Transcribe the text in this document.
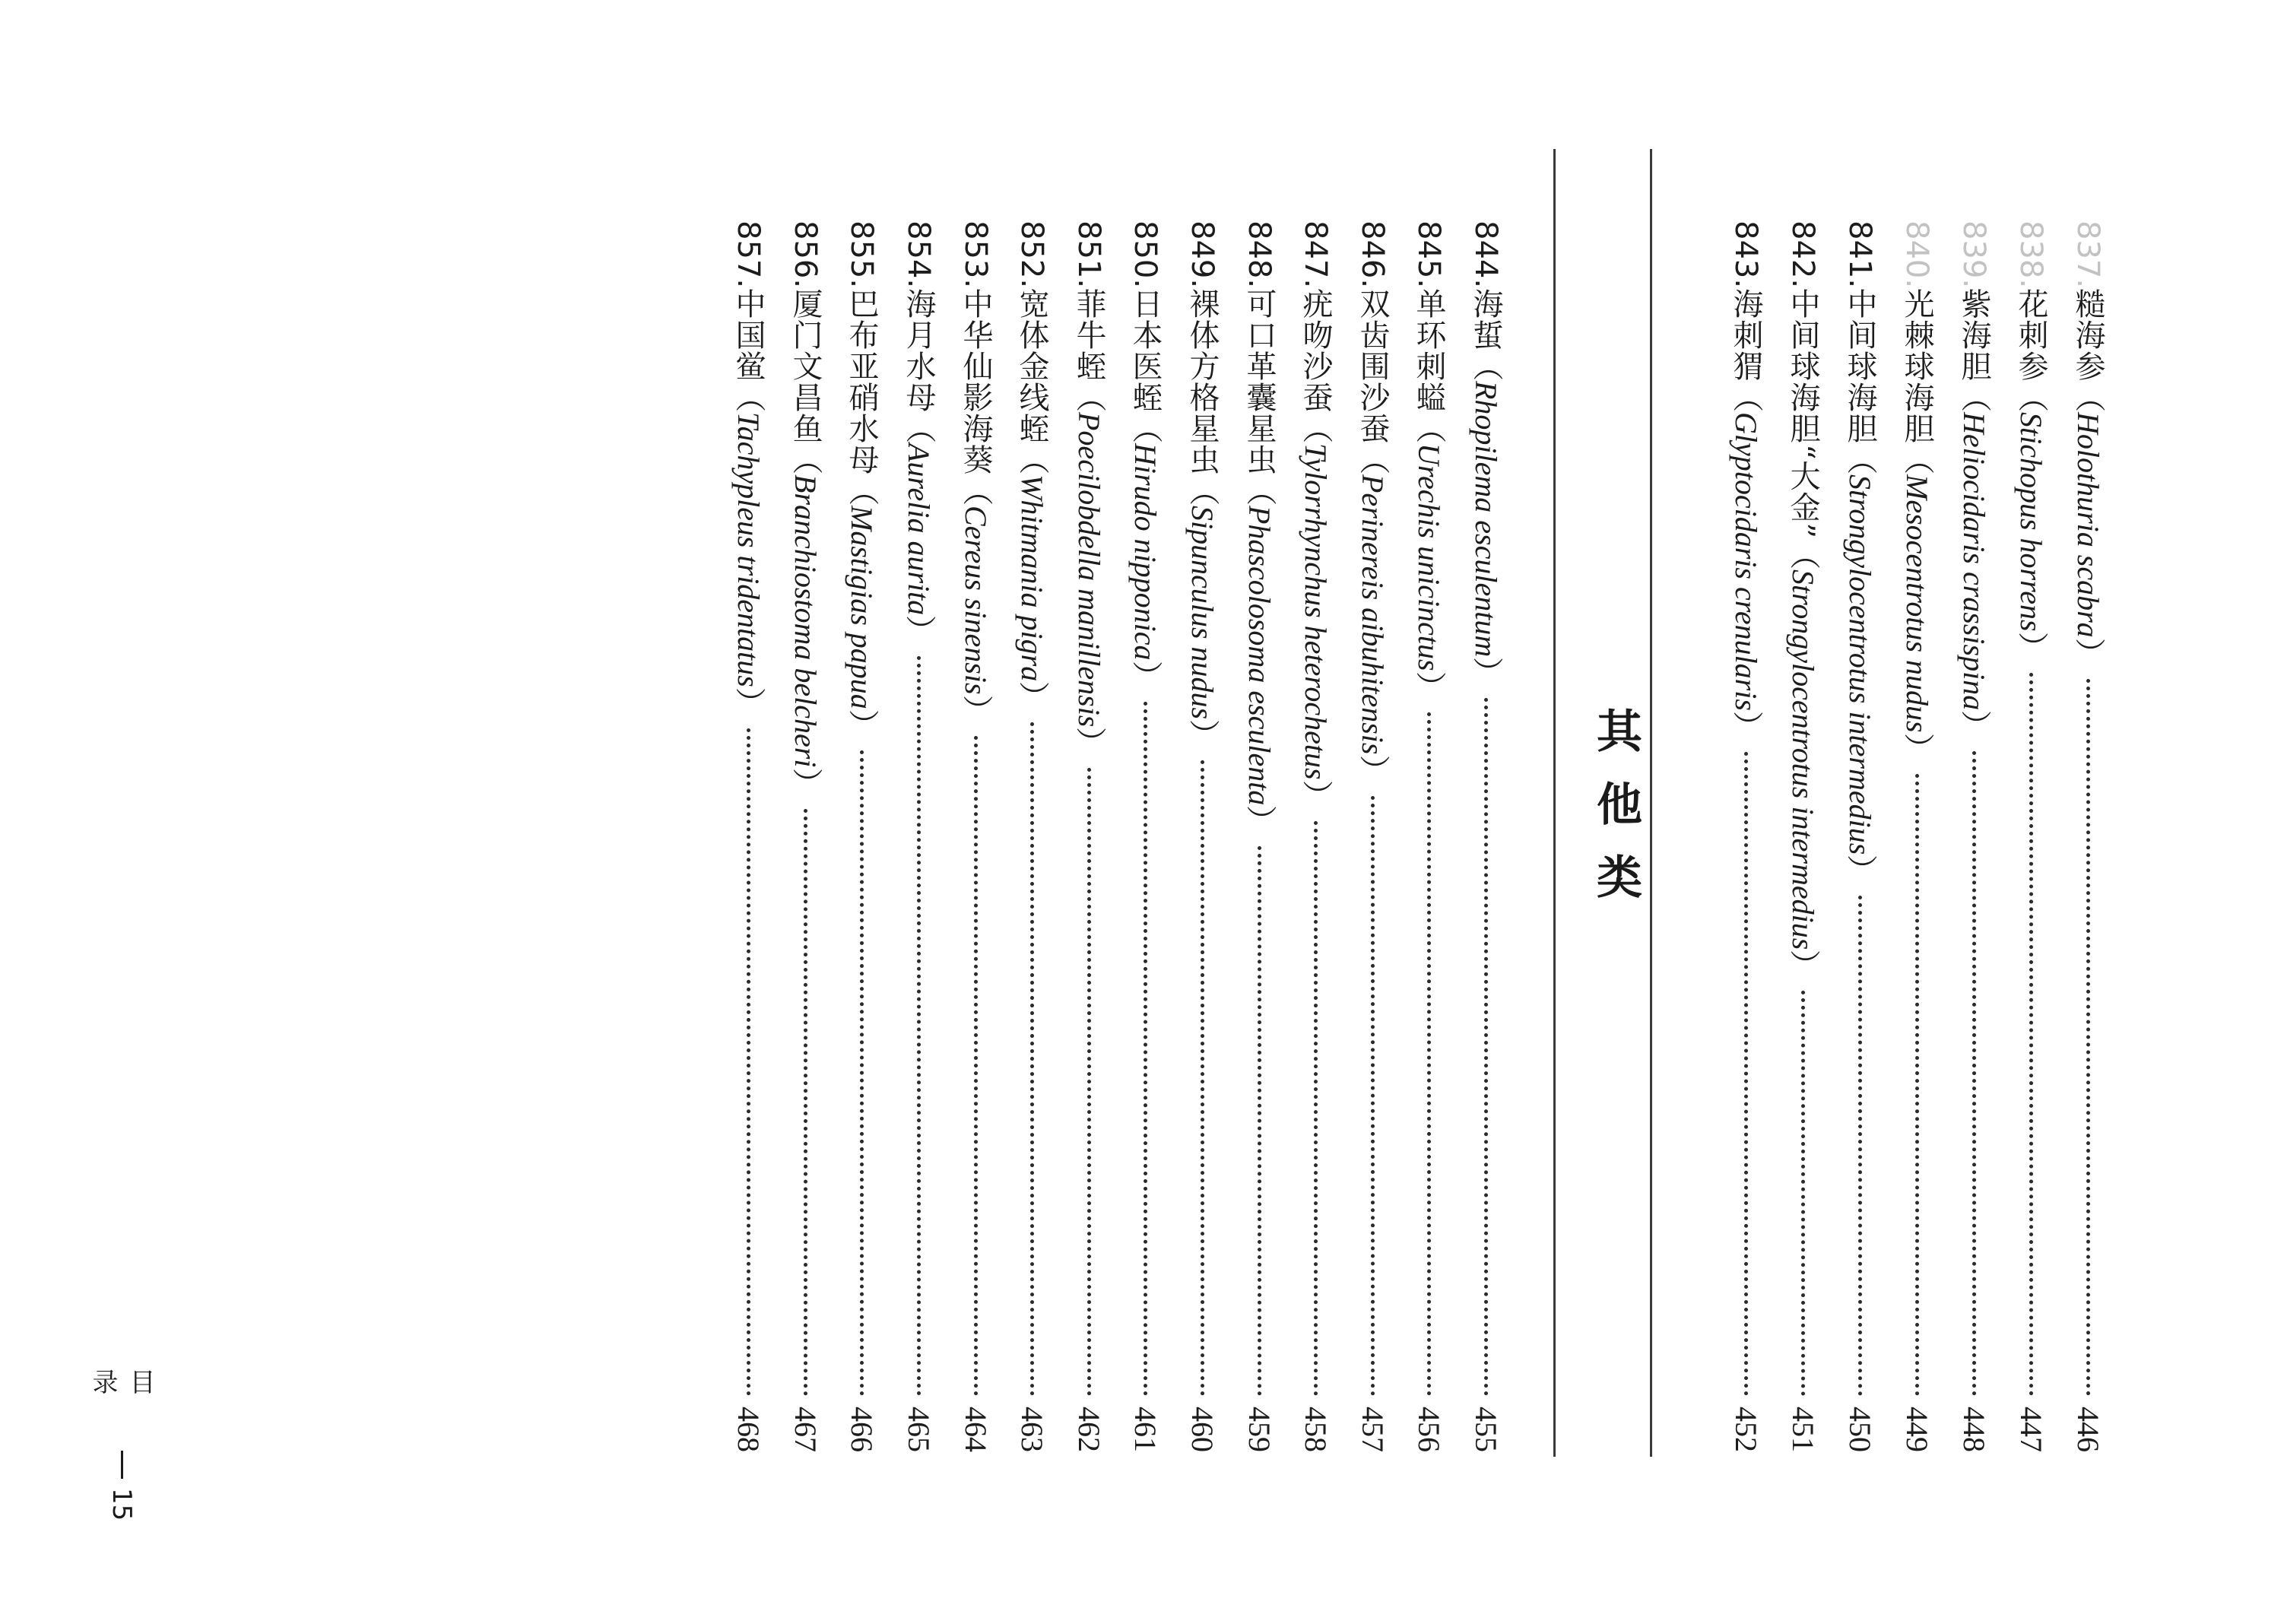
837.
糙海参
（
Holothuria scabra
）
446
838.
花刺参
（
Stichopus horrens
）
447
839.
紫海胆
（
Heliocidaris crassispina
）
448
840.
光棘球海胆
（
Mesocentrotus nudus
）
449
841.
中间球海胆
（
Strongylocentrotus intermedius
）
450
842.
中间球海胆“大金”
（
Strongylocentrotus intermedius
）
451
843.
海刺猬
（
Glyptocidaris crenularis
）
452
其他类
844.
海蜇
（
Rhopilema esculentum
）
455
845.
单环刺螠
（
Urechis unicinctus
）
456
846.
双齿围沙蚕
（
Perinereis aibuhitensis
）
457
847.
疣吻沙蚕
（
Tylorrhynchus heterochetus
）
458
848.
可口革囊星虫
（
Phascolosoma esculenta
）
459
849.
裸体方格星虫
（
Sipunculus nudus
）
460
850.
日本医蛭
（
Hirudo nipponica
）
461
851.
菲牛蛭
（
Poecilobdella manillensis
）
462
852.
宽体金线蛭
（
Whitmania pigra
）
463
853.
中华仙影海葵
（
Cereus sinensis
）
464
854.
海月水母
（
Aurelia aurita
）
465
855.
巴布亚硝水母
（
Mastigias papua
）
466
856.
厦门文昌鱼
（
Branchiostoma belcheri
）
467
857.
中国鲎
（
Tachypleus tridentatus
）
468
目 录
15
